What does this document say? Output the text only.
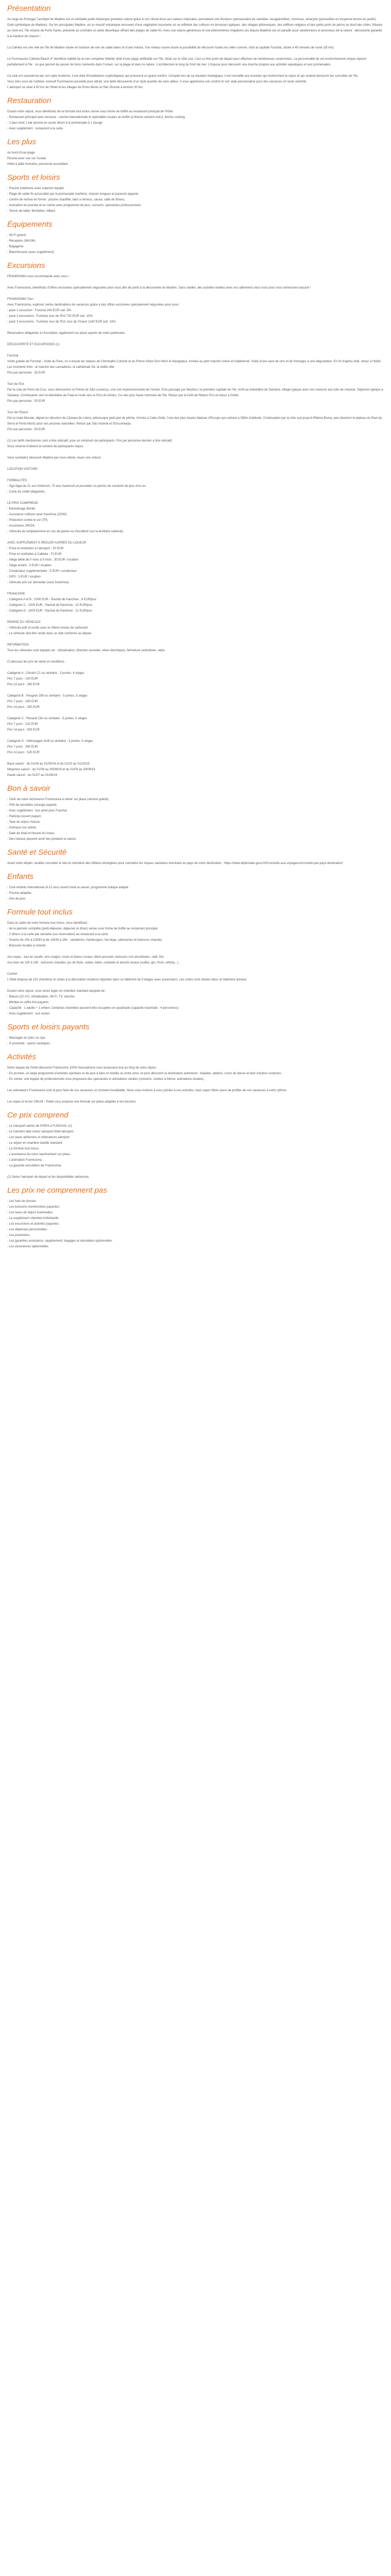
Présentation

Au large du Portugal, l'archipel de Madère est un véritable jardin botanique grandeur nature grâce à son climat doux aux valeurs tropicales, permettant une floraison spectaculaire de camélias, bougainvillées, mimosas, amaryllis (poinsettias en moyenne bonne du jardin). Doté symbolique de Madère). Sur les principales Madère, où un massif volcanique recouvert d'une végétation luxuriante où se reflètent des cultures en terrasses typiques, des villages pittoresques, des édifices religieux et des petits ports de pêche au bord des côtes. Situées au nord-est, l'île voisine de Porto Santo, présente au contraire un aride désertique offrant des plages de sable fin. Avec une nature généreuse et une phénomènes irrigations (ou depuis Madère) est un paradis pour randonneurs et amoureux de la nature : découverte garantie à la hauteur de chacun !

La Calheta est une ville de l'île de Madère située en bordure de mer de sable blanc et d'une marina. Son niveau rouvre doute la possibilité de découvrir toutes les villes comme, dont la capitale Funchal, située à 45 minutes de route (35 km).

Le Fuormaures Calheta Beach 4* bénéficie habillé de la mer complexe hôtelier doté d'une plage artificielle sur l'île. Situé sur le côté sud, c'est un bon point de départ pour effectuer de nombreuses randonnées. La personnalité de cet environnement unique répond parfaitement à l'île : ce que permet de passer de bons moments dans l'océan, sur la plage et dans la nature. L'architecture le long du front de mer. L'impose pour découvrir une marche propice aux activités aquatiques et aux promenades.

Ce club est caractérisé par son style moderne, il est doté d'installations sophistiquées qui procurent un grand confort. Complet lors de sa situation stratégique, il est conseillé aux touristes qui recherchent le repos et qui veulent découvrir les curiosités de l'île.
Vous êtes vous de Calheta, exclusif Fuormaures possède pour attrait, une belle découverte d'un style quartier de sans ailleur. Il vous appréciera son confort et son style personnalisé pour des vacances en toute sérénité.
L'aéroport se situe à 50 km de l'hôtel et les villages de Porto Moniz et São Vicente à environ 30 km.

Restauration

Durant votre séjour, vous bénéficiez de la formule tout inclus servie sous forme de buffet au restaurant principal de l'hôtel.
- Restaurant principal avec terrasse : cuisine internationale et spécialités locales au buffet (à thème certains soirs), thème cooking
- 2 bars dont 1 bar piscine en accès direct à la promenade à 1 lounge
- Avec supplément : restaurant à la carte.

Les plus

Au bord d'une plage
Piscine avec vue sur l'océan
Hôtel à taille humaine, personnel accueillant

Sports et loisirs

- Piscine extérieure avec solarium équipé.
- Plage de sable fin accessible par la promenade maritime, chaises longues et parasols payants.
- Centre de remise en forme : piscine chauffée, bain à remous, sauna, salle de fitness.
- Animation en journée et en soirée avec programme de jeux, concerts, spectacles professionnels.
- Tennis de table, fléchettes, billard.

Équipements

- Wi-Fi gratuit.
- Réception 24h/24h.
- Bagagerie.
- Blanchisserie (avec supplément).

Excursions

FRAMISSIMA vous recommande avec vous !

Avec Framissima, bénéficiez d'offres exclusives spécialement négociées pour vous afin de partir à la découverte de Madère. Sans oublier, des activités variées avec vos adhérents vous nous pour vous remercions-bacard !

FRAMISSIMA Tour :
Avec Framissima, explorez vertes destinations de vacances grâce à des offres exclusives spécialement négociées pour vous :
- pack 1 excursion : Funchal 240 EUR soit -5%
- pack 2 excursions : Funchal, tour de l'Est 720 EUR soit -10%
- pack 3 excursions : Funchal, tour de l'Est, tour de l'Ouest 1140 EUR soit -15%

Réservation obligatoire à l'inscription, également sur place auprès de notre partenaire.

DÉCOUVERTE ET EXCURSIONS (1)

Funchal
Visite guidée de Funchal ; Visite du Pare, on a trouvé les statues de Christophe Colomb et du Prince Infant Don Henri le Navigateur. Arrivée au petit marché coloré et traditionnel. Visite d'une cave de vins et de fromages à une dégustation. En fin d'après-midi, retour à l'hôtel. Les moments forts : le marché des Lavradores, la cathédrale Sé, la vieille ville.
Prix par personne : 33 EUR

Tour de l'Est
Par la cote de Porto da Cruz, vous découvrirez la Pointe de São Lourenço, une vue impressionnante de l'océan. Puis passage par Machico, la première capitale de l'île. Arrêt au belvédère de Santana, village typique avec ses maisons aux toits de chaume. Déjeuner typique à Santana. Continuation vers le belvédère de Faial et route vers le Pico do Arieiro, l'un des plus hauts sommets de l'île. Retour par la forêt de Ribeiro Frio et retour à l'hôtel.
Prix par personne : 53 EUR

Tour de l'Ouest
Par la route littorale, départ en direction de Câmara de Lobos, pittoresque petit port de pêche. Arrivée à Cabo Girão, l'une des plus hautes falaises d'Europe qui culmine à 580m d'altitude. Continuation par la côte sud jusqu'à Ribeira Brava, puis direction le plateau du Paul da Serra et Porto Moniz pour ses piscines naturelles. Retour par São Vicente et l'Encumeada.
Prix par personne : 54 EUR

(1) Les tarifs mentionnés sont à titre indicatif, pour un minimum de participants. Prix par personne donnés à titre indicatif.
Sous réserve d'obtenir le nombre de participants requis.

Vous souhaitez découvrir Madère par vous-même, louez une voiture :

LOCATION VOITURE :

FORMALITÉS
- Âge légal de 21 ans minimum, 75 ans maximum et posséder un permis de conduire de plus d'un an.
- Carte de crédit obligatoire.

LE PRIX COMPREND
- Kilométrage illimité.
- Assurance collision avec franchise (CDW).
- Protection contre le vol (TP).
- Assistance 24h/24.
- Véhicule de remplacement en cas de panne ou d'accident (sur la territoire national).

AVEC SUPPLÉMENT À RÉGLER AUPRÈS DU LOUEUR
- Prise et restitution à l'aéroport : 30 EUR
- Prise et restitution à Calheta : 70 EUR
- Siège bébé de 0 mois à 9 mois : 30 EUR / location
- Siège enfant : 3 EUR / location
- Conducteur supplémentaire : 5 EUR / conducteur
- GPS : 5 EUR / location
- Véhicule prix sur demande (sans franchise).

FRANCHISE
- Catégorie A et B : 1000 EUR - Rachat de franchise : 8 EUR/jour
- Catégorie C : 1300 EUR - Rachat de franchise : 10 EUR/jour
- Catégorie D : 1500 EUR - Rachat de franchise : 12 EUR/jour

REMISE DU VÉHICULE
- Véhicule prêt et rendu avec le même niveau de carburant.
- Le véhicule doit être rendu dans un état conforme au départ.

INFORMATION
Tous les véhicules sont équipés de : climatisation, direction assistée, vitres électriques, fermeture centralisée, radio.

Ci-dessous les prix de vente et conditions :

Catégorie A : Citroën C1 ou similaire - 3 portes, 4 sièges
Prix 7 jours : 140 EUR
Prix 14 jours : 260 EUR

Catégorie B : Peugeot 208 ou similaire - 5 portes, 5 sièges
Prix 7 jours : 180 EUR
Prix 14 jours : 330 EUR

Catégorie C : Renault Clio ou similaire - 5 portes, 5 sièges
Prix 7 jours : 210 EUR
Prix 14 jours : 400 EUR

Catégorie D : Volkswagen Golf ou similaire - 5 portes, 5 sièges
Prix 7 jours : 280 EUR
Prix 14 jours : 520 EUR

Base saison : du 01/04 au 31/05/19 et du 01/10 au 31/10/19
Moyenne saison : du 01/06 au 30/06/19 et du 01/09 au 30/09/19
Haute saison : du 01/07 au 31/08/19

Bon à savoir

- Clefs de votre recto/verso Framissima à retirer sur place (service gratuit).
- Prêt de serviettes (change payant).
- Avec supplément : bus privé pour Funchal.
- Parking couvert payant.
- Taxe de séjour incluse.
- Animaux non admis.
- Date de Noël et Nouvel An inclus.
- Des travaux peuvent avoir lieu pendant la saison.

Santé et Sécurité

Avant votre départ, veuillez consulter le site du ministère des Affaires étrangères pour connaître les risques sanitaires éventuels au pays de votre destination : https://www.diplomatie.gouv.fr/fr/conseils-aux-voyageurs/conseils-par-pays-destination/

Enfants

- Club enfants international (4-12 ans) ouvert toute la saison, programme ludique adapté.
- Piscine adaptée.
- Aire de jeux.

Formule tout inclus

Dans le cadre de votre formule tout inclus, vous bénéficiez :
- de la pension complète (petit-déjeuner, déjeuner et dîner) servie sous forme de buffet au restaurant principal.
- 2 dîners à la carte par semaine (sur réservation) au restaurant à la carte.
- Snacks de 10h à 12h30 et de 14h30 à 18h : sandwichs, hamburgers, hot-dogs, pâtisseries et boissons chaudes.
- Boissons locales à volonté.

Aux repas : eau en carafe, vins rouges, rosés et blancs locaux, bière pression, boissons non alcoolisées, café, thé.
Aux bars de 10h à 23h : boissons chaudes, jus de fruits, sodas, bière, cocktails et alcools locaux (vodka, gin, rhum, whisky...).

Confort
L'hôtel dispose de 115 chambres et suites à la décoration moderne réparties dans un bâtiment de 5 étages avec ascenseurs. Les suites sont situées dans un bâtiment annexe.

Durant votre séjour, vous serez logés en chambre standard équipée de :
- Balcon (22 m²), climatisation, Wi-Fi, TV, douche.
- Minibar et coffre-fort payants.
- Capacité : 1 adulte + 1 enfant. Certaines chambres peuvent être occupées en quadruple (capacité maximale : 4 personnes).
- Avec supplément : vue océan.

Sports et loisirs payants

- Massages et soins au spa.
- À proximité : sports nautiques.

Activités

Notre équipe de l'hôtel découvre Framissima 100% francophone vous proposera tout au long de votre séjour.
- En journée, un large programme d'activités sportives et de jeux à faire en famille ou entre amis, et pour découvrir la destination autrement : balades, ateliers, cours de danse et bien d'autres surprises.
- En soirée, une équipe de professionnels vous proposera des spectacles et animations variées (concerts, soirées à thème, animations locales).

Les animateurs Framissima sont là pour faire de vos vacances un moment inoubliable. Nous vous invitons à vous joindre à nos activités, mais soyez libres aussi de profiter de vos vacances à votre rythme.

Les repas et le bar 24h/24 : l'hôtel vous propose une formule sur place adaptée à vos besoins.

Ce prix comprend

- Le transport aérien de PARIS à FUNCHAL (2).
- Le transfert aller-retour aéroport-hôtel-aéroport.
- Les taxes aériennes et redevances aéroport.
- Le séjour en chambre double standard.
- La formule tout inclus.
- L'assistance de notre représentant sur place.
- L'animation Framissima.
- La garantie annulation de Framissima.

(2) Selon l'aéroport de départ et les disponibilités aériennes.

Les prix ne comprennent pas

- Les frais de dossier.
- Les boissons mentionnées payantes.
- Les taxes de séjour éventuelles.
- Le supplément chambre individuelle.
- Les excursions et activités payantes.
- Les dépenses personnelles.
- Les pourboires.
- Les garanties assistance, rapatriement, bagages et annulation optionnelles.
- Les assurances optionnelles.
